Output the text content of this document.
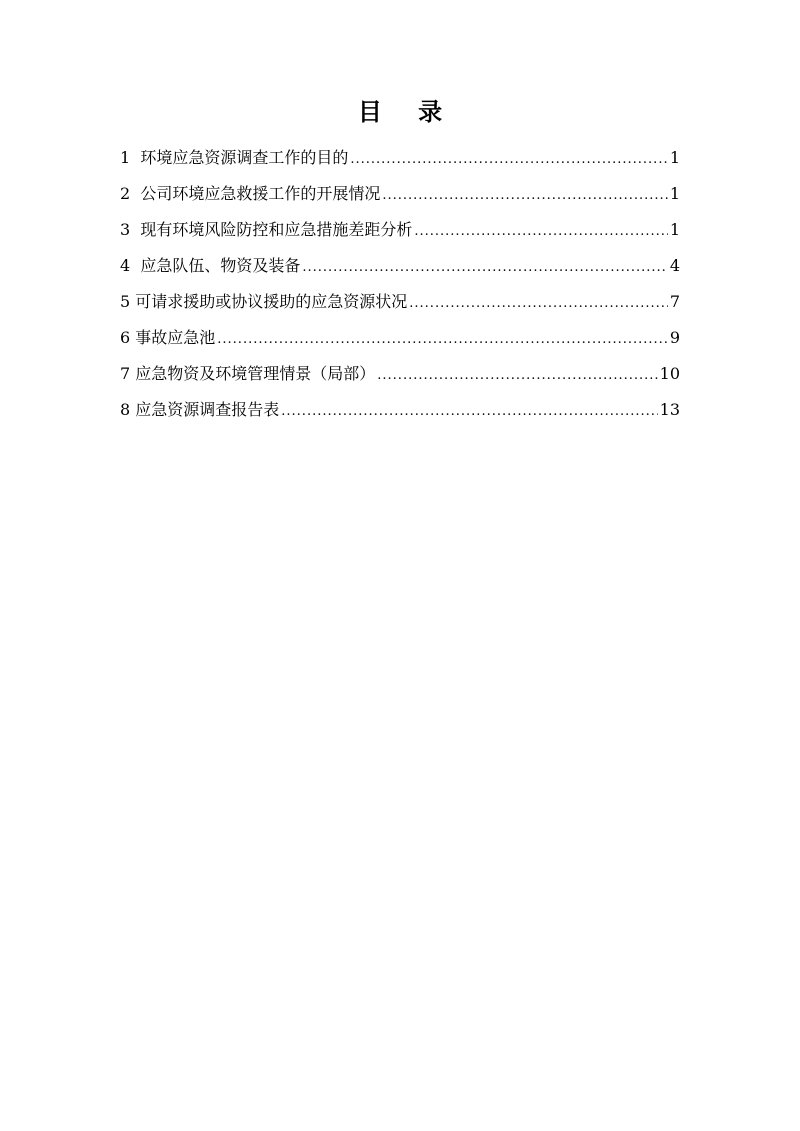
目 录
1 环境应急资源调查工作的目的 .....	1
2 公司环境应急救援工作的开展情况 .....	1
3 现有环境风险防控和应急措施差距分析 .....	1
4 应急队伍、物资及装备 .....	4
5 可请求援助或协议援助的应急资源状况 .....	7
6 事故应急池 .....	9
7 应急物资及环境管理情景（局部） .....	10
8 应急资源调查报告表 .....	13
